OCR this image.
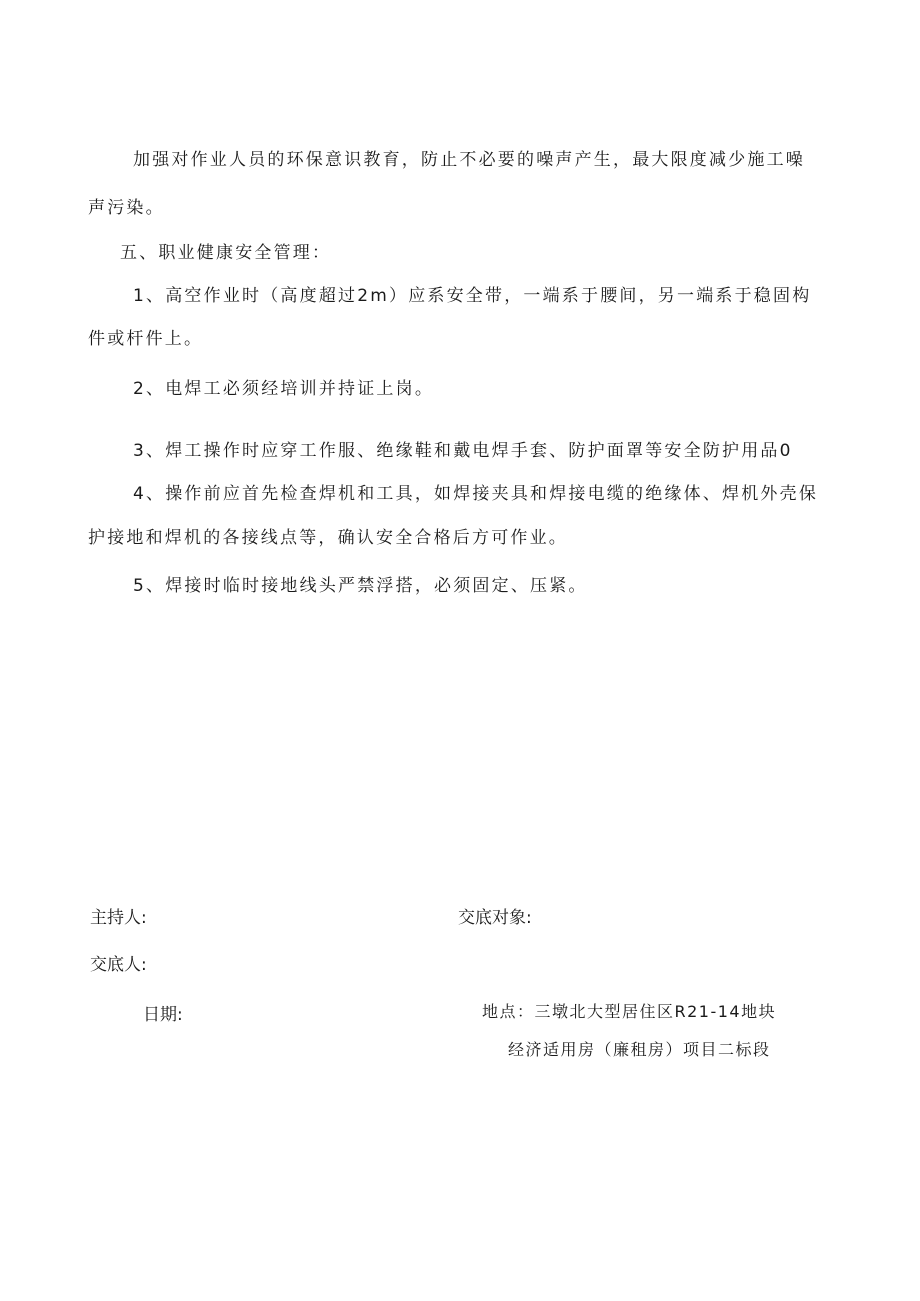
加强对作业人员的环保意识教育，防止不必要的噪声产生，最大限度减少施工噪
声污染。
五、职业健康安全管理：
1、高空作业时（高度超过2m）应系安全带，一端系于腰间，另一端系于稳固构
件或杆件上。
2、电焊工必须经培训并持证上岗。
3、焊工操作时应穿工作服、绝缘鞋和戴电焊手套、防护面罩等安全防护用品0
4、操作前应首先检查焊机和工具，如焊接夹具和焊接电缆的绝缘体、焊机外壳保
护接地和焊机的各接线点等，确认安全合格后方可作业。
5、焊接时临时接地线头严禁浮搭，必须固定、压紧。
主持人:	交底对象:
交底人:
日期:	地点：三墩北大型居住区R21-14地块
经济适用房（廉租房）项目二标段
